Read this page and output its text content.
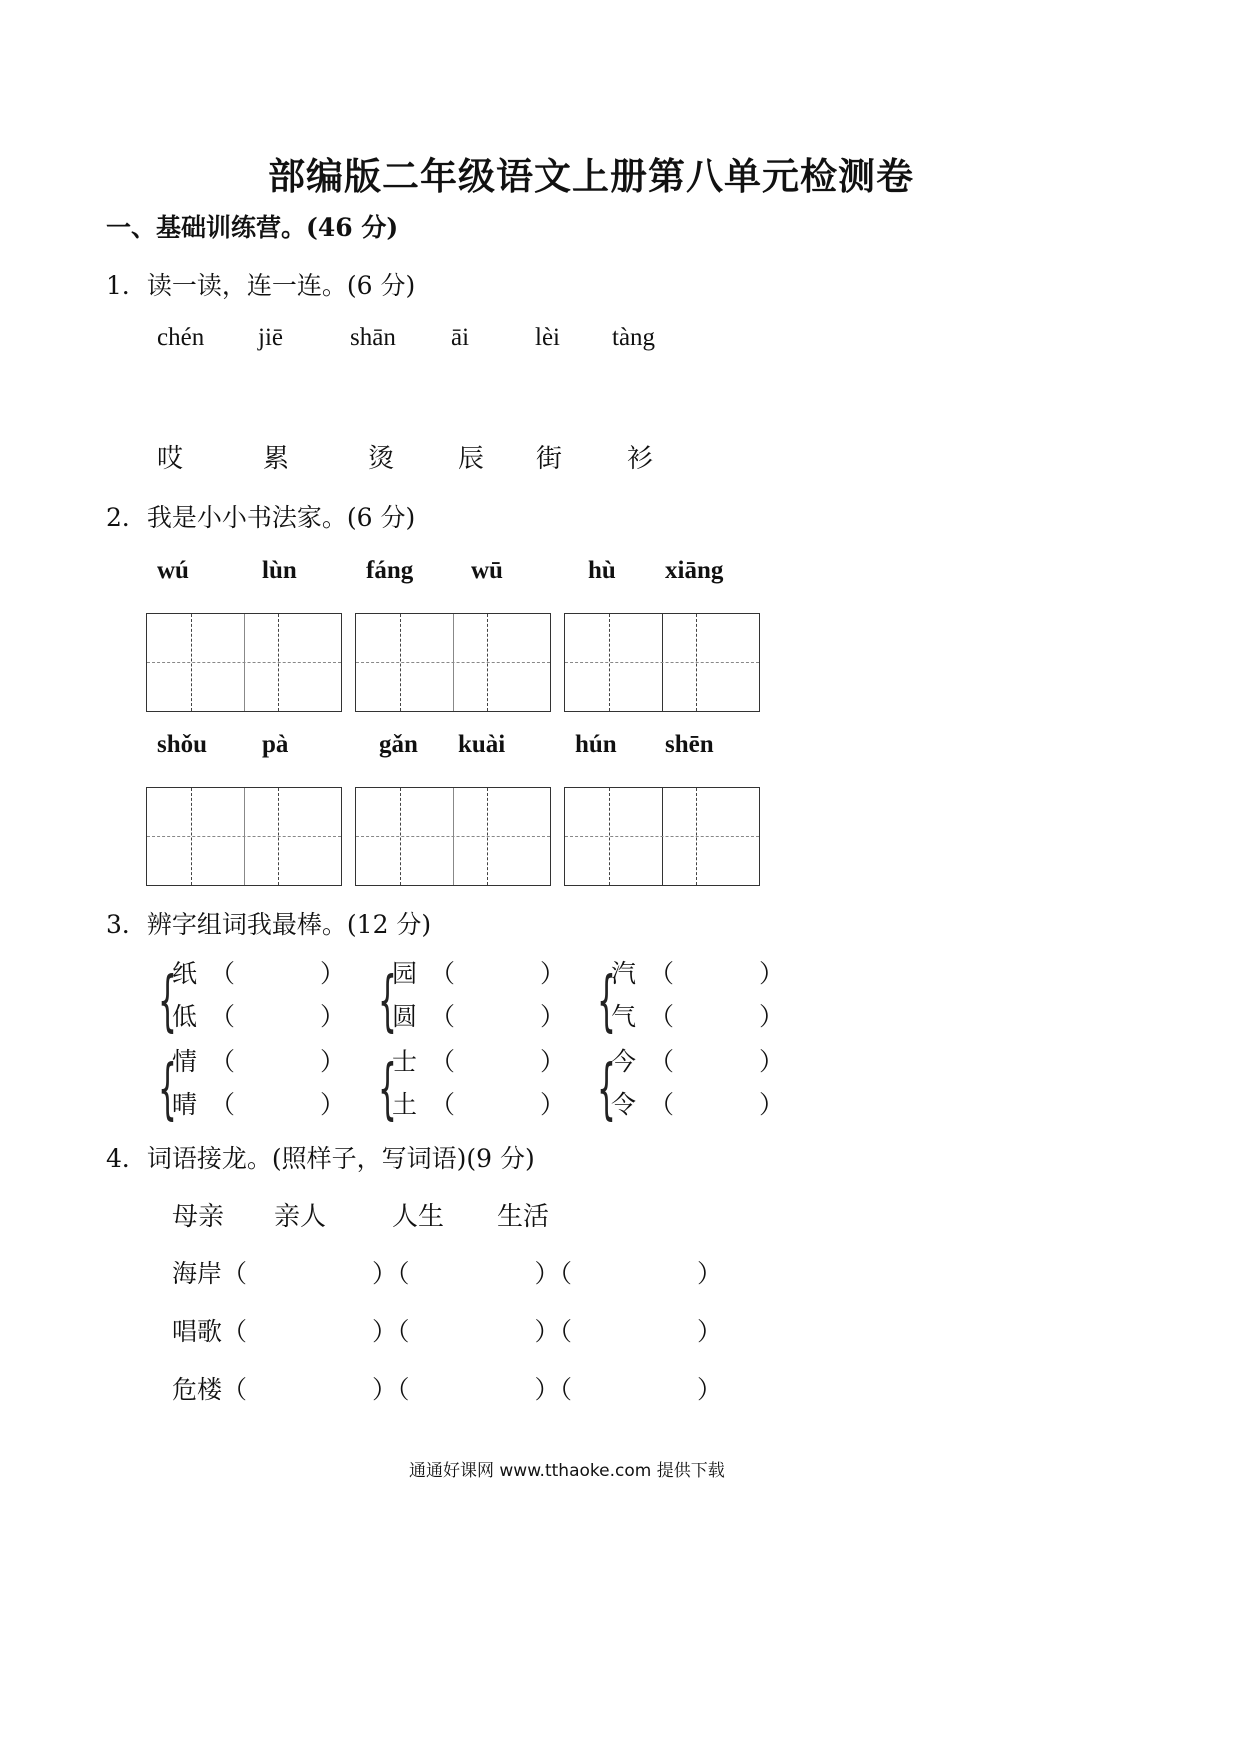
部编版二年级语文上册第八单元检测卷
一、基础训练营。(46 分)
1．读一读，连一连。(6 分)
chén jiē	shān āi	lèi tàng
哎	累	烫 辰 街 衫
2．我是小小书法家。(6 分)
wú	lùn	fáng wū	hù xiāng
shǒu pà	gǎn kuài	hún shēn
3．辨字组词我最棒。(12 分)
{
纸 （	）
低 （	） {
园 （	）
圆 （	） {
汽 （	）
气 （	）
{
情 （	）
晴 （	） {
士 （	）
土 （	） {
今 （	）
令 （	）
4．词语接龙。(照样子，写词语)(9 分)
母亲 亲人	人生 生活
海岸（　　　　　）（　　　　　）（　　　　　）
唱歌（　　　　　）（　　　　　）（　　　　　）
危楼（　　　　　）（　　　　　）（　　　　　）
通通好课网 www.tthaoke.com 提供下载
